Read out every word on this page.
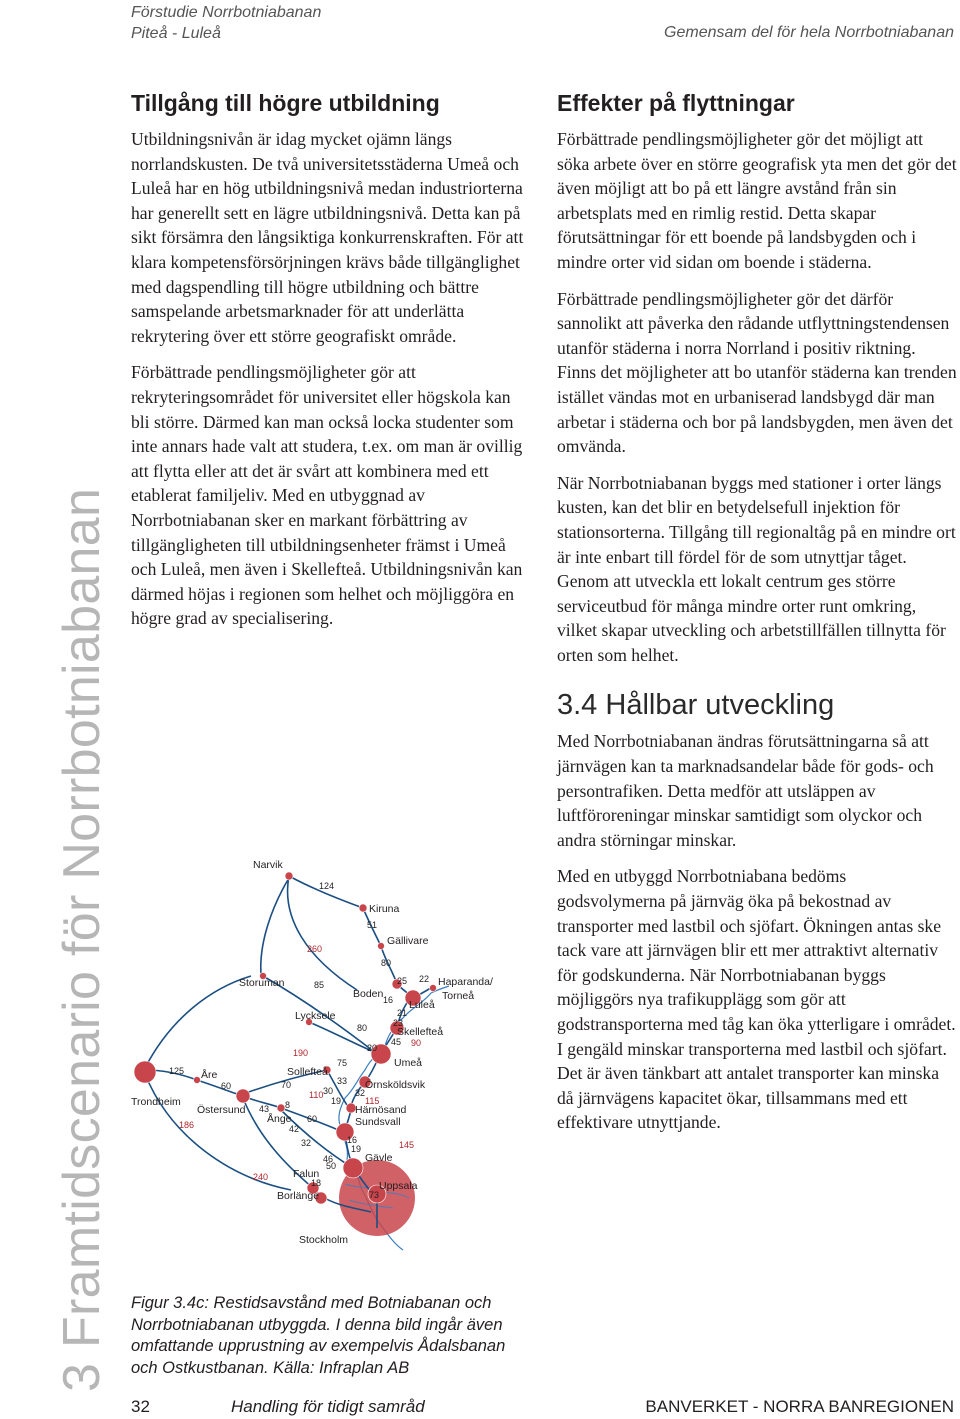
Förstudie Norrbotniabanan
Piteå - Luleå	Gemensam del för hela Norrbotniabanan
3 Framtidscenario för Norrbotniabanan
Tillgång till högre utbildning

Utbildningsnivån är idag mycket ojämn längs norrlandskusten. De två universitetsstäderna Umeå och Luleå har en hög utbildningsnivå medan industriorterna har generellt sett en lägre utbildningsnivå. Detta kan på sikt försämra den långsiktiga konkurrenskraften. För att klara kompetensförsörjningen krävs både tillgänglighet med dagspendling till högre utbildning och bättre samspelande arbetsmarknader för att underlätta rekrytering över ett större geografiskt område.

Förbättrade pendlingsmöjligheter gör att rekryteringsområdet för universitet eller högskola kan bli större. Därmed kan man också locka studenter som inte annars hade valt att studera, t.ex. om man är ovillig att flytta eller att det är svårt att kombinera med ett etablerat familjeliv. Med en utbyggnad av Norrbotniabanan sker en markant förbättring av tillgängligheten till utbildningsenheter främst i Umeå och Luleå, men även i Skellefteå. Utbildningsnivån kan därmed höjas i regionen som helhet och möjliggöra en högre grad av specialisering.

Effekter på flyttningar

Förbättrade pendlingsmöjligheter gör det möjligt att söka arbete över en större geografisk yta men det gör det även möjligt att bo på ett längre avstånd från sin arbetsplats med en rimlig restid. Detta skapar förutsättningar för ett boende på landsbygden och i mindre orter vid sidan om boende i städerna.

Förbättrade pendlingsmöjligheter gör det därför sannolikt att påverka den rådande utflyttningstendensen utanför städerna i norra Norrland i positiv riktning. Finns det möjligheter att bo utanför städerna kan trenden istället vändas mot en urbaniserad landsbygd där man arbetar i städerna och bor på landsbygden, men även det omvända.

När Norrbotniabanan byggs med stationer i orter längs kusten, kan det blir en betydelsefull injektion för stationsorterna. Tillgång till regionaltåg på en mindre ort är inte enbart till fördel för de som utnyttjar tåget. Genom att utveckla ett lokalt centrum ges större serviceutbud för många mindre orter runt omkring, vilket skapar utveckling och arbetstillfällen tillnytta för orten som helhet.

3.4 Hållbar utveckling

Med Norrbotniabanan ändras förutsättningarna så att järnvägen kan ta marknadsandelar både för gods- och persontrafiken. Detta medför att utsläppen av luftföroreningar minskar samtidigt som olyckor och andra störningar minskar.

Med en utbyggd Norrbotniabana bedöms godsvolymerna på järnväg öka på bekostnad av transporter med lastbil och sjöfart. Ökningen antas ske tack vare att järnvägen blir ett mer attraktivt alternativ för godskunderna. När Norrbotniabanan byggs möjliggörs nya trafikupplägg som gör att godstransporterna med tåg kan öka ytterligare i området. I gengäld minskar transporterna med lastbil och sjöfart. Det är även tänkbart att antalet transporter kan minska då järnvägens kapacitet ökar, tillsammans med ett effektivare utnyttjande.

Narvik
Kiruna
Gällivare
Haparanda/
Torneå
Boden
Luleå
Storuman
Lycksele
Skellefteå
Umeå
Sollefteå
Örnsköldsvik
Härnösand
Sundsvall
Åre
Östersund
Trondheim
Ånge
Gävle
Falun
Borlänge
Uppsala
Stockholm
124
51
80
25 22
16
21
23
85
80
45
20
75
70	33
30 32
19
8
60
43
42
32	16
19
46
50
18
73
60
125
260
190
110
115
145
90
240
186
Figur 3.4c: Restidsavstånd med Botniabanan och Norrbotniabanan utbyggda. I denna bild ingår även omfattande upprustning av exempelvis Ådalsbanan och Ostkustbanan. Källa: Infraplan AB
32	Handling för tidigt samråd	BANVERKET - NORRA BANREGIONEN
